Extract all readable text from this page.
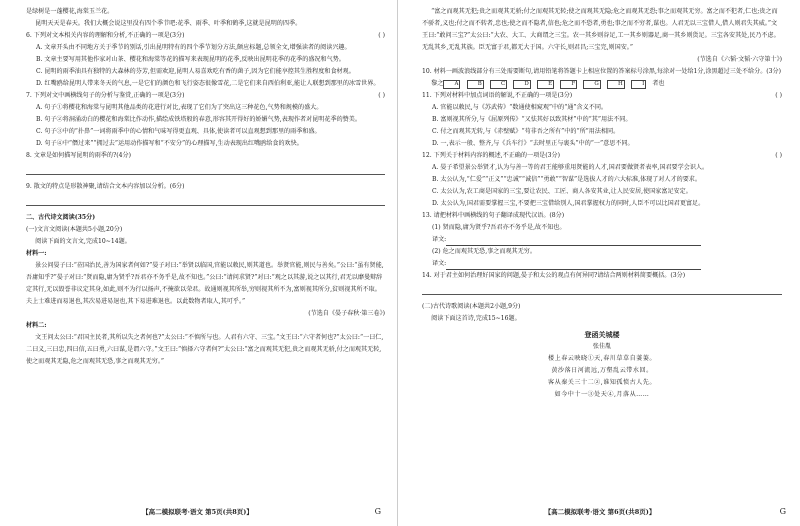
是绿树是一蓬樱花,海棠玉兰花。

昆明天天是春天。我们大概会说这里没有四个季节吧:花季、雨季、叶季和鹤季,这就是昆明的四季。

6. 下列对文本相关内容的理解和分析,不正确的一项是(3分)	( )

A. 文章开头由不同地方关于季节的别话,引出昆明特有的四个季节划分方法,颇应标题,总领全文,增强读者的阅读兴趣。

B. 文章主要写用其他作家对山茶、樱花和海棠等花的描写来表现昆明的花季,反映出昆明花季的花季的盛况和气势。

C. 昆明的雨季油具有独特的大森林的芬芳,但需欢迎,昆明人易喜欢吃有香的菌子,因为它们能享控其生胜程度和食材观。

D. 红嘴鸥给昆明人带来冬天的气息,一是它们的颜色和飞行姿态很像雪花,二是它们来自西伯利亚,能让人联想到那里的冰雪世界。

7. 下列对文中画横线句子的分析与鉴赏,正确的一项是(3分)	( )

A. 句子①将樱花和海棠与昆明其他品类的花进行对比,表现了它们为了突出这三种花色,气势和规模的盛大。

B. 句子②将洞涌动白的樱花和海棠比作动作,描绘成铁塔般的春意,形容其开得好的娇媚气势,表现作者对昆明花季的赞美。

C. 句子③中的“扑鼻”一词将雨季中的心情和气味写得更直观、具体,使读者可以直观想到那里的雨季和盛。

D. 句子④中“僭过来”“拥过去”运用动作描写和“不安分”的心理描写,生动表现出红嘴鸥给食的欢快。

8. 文章是如何描写昆明的雨季的?(4分)

9. 散文的特点是形散神聚,请结合文本内容加以分析。(6分)

二、古代诗文阅读(35分)

(一)文言文阅读(本题共5小题,20分)

阅读下面的文言文,完成10~14题。

材料一:

景公问晏子曰:“莅国治民,善为国家者何如?”晏子对曰:“举贤以临国,官能以敕民,则其道也。举贤官能,则民与善矣。”公曰:“虽有贤能,吾庸知乎?”晏子对曰:“贤而隐,庸为贤乎?吾君亦不务乎是,故不知也。”公曰:“请问求贤?”对曰:“观之以其游,说之以其行,君无以靡曼辩辞定其行,无以毁誉非议定其身,如此,则不为行以扬声,不掩欲以荣君。故通则视其所举,穷则视其所不为,富则视其所分,贫则视其所不取。夫上士难进而易退也,其次易进易退也,其下易进难退也。以此数物者取人,其可乎。”

(节选自《晏子春秋·第三卷》)

材料二:

文王问太公曰:“君国主民者,其所以失之者何也?”太公曰:“不慎所与也。人君有六守、三宝。”文王曰:“六守者何也?”太公曰:“一曰仁,二曰义,三曰忠,四曰信,五曰勇,六曰谋,是谓六守。”文王曰:“慎择六守者何?”太公曰:“富之而观其无犯,贵之而观其无骄,付之而观其无转,使之而观其无隐,危之而观其无恐,事之而观其无穷。”

【高二模拟联考·语文 第5页(共8页)】	G

“富之而观其无犯;贵之而观其无骄;付之而观其无转;使之而观其无隐;危之而观其无恐;事之而观其无穷。富之而不犯者,仁也;贵之而不骄者,义也;付之而不转者,忠也;使之而不隐者,信也;危之而不恐者,勇也;事之而不穷者,谋也。人君无以三宝借人,借人则君失其威。”文王曰:“敢问三宝?”太公曰:“大农、大工、大商谓之三宝。农一其乡则谷足,工一其乡则器足,商一其乡则货足。三宝各安其处,民乃不虑。无乱其乡,无乱其族。臣无富于君,都无大于国。六守长,则君昌;三宝完,则国安。”

(节选自《六韬·文韬·六守第十》)

10. 材料一画波浪线部分有三处需要断句,请用铅笔将答题卡上相应位置的答案标号涂黑,每涂对一处给1分,涂黑超过三处不给分。(3分)

黎之 A　	B　	C　	D　	E　	F　	G　	H　	I　 者也

11. 下列对材料中加点词语的解说,不正确的一项是(3分)	( )

A. 官能以敕民,与《苏武传》“数通使相窥观”中的“通”含义不同。

B. 富则视其所分,与《屈原列传》“又怯其好以致其材”中的“其”用法不同。

C. 付之而观其无转,与《赤壁赋》“苟非吾之所有”中的“所”用法相同。

D. 一,表示一般、整齐,与《兵车行》“去时里正与裹头”中的“一”意思不同。

12. 下列关于材料内容的概述,不正确的一项是(3分)	( )

A. 晏子希望景公举贤才,认为与善一等的君王能够重用贤能的人才,国君要做贤者表率,国君要学会识人。

B. 太公认为,“仁爱”“正义”“忠诚”“诚信”“勇敢”“智谋”是选拔人才的六大标准,体现了对人才的要求。

C. 太公认为,农工商是国家的三宝,要让农民、工匠、商人各安其业,让人民安居,使国家富足安定。

D. 太公认为,国君需要掌握三宝,不要把三宝借给别人,国君掌握权力的同时,人臣不可以比国君更富足。

13. 请把材料中画横线的句子翻译成现代汉语。(8分)

(1) 贤而隐,庸为贤乎?吾君亦不务乎是,故不知也。

译文:

(2) 危之而观其无恐,事之而观其无穷。

译文:

14. 对于君主如何治理好国家的问题,晏子和太公的观点有何异同?请结合两则材料简要概括。(3分)

(二)古代诗歌阅读(本题共2小题,9分)

阅读下面这首诗,完成15~16题。

登函关城楼

张佳胤

楼上春云映晓①天,春川草草自萋萋。

黄沙落日河流远,万壑乱云带水回。

客从秦关三十二②,谁知孤愤古人先。

如今中十一③处天④,月落从……

【高二模拟联考·语文 第6页(共8页)】	G
